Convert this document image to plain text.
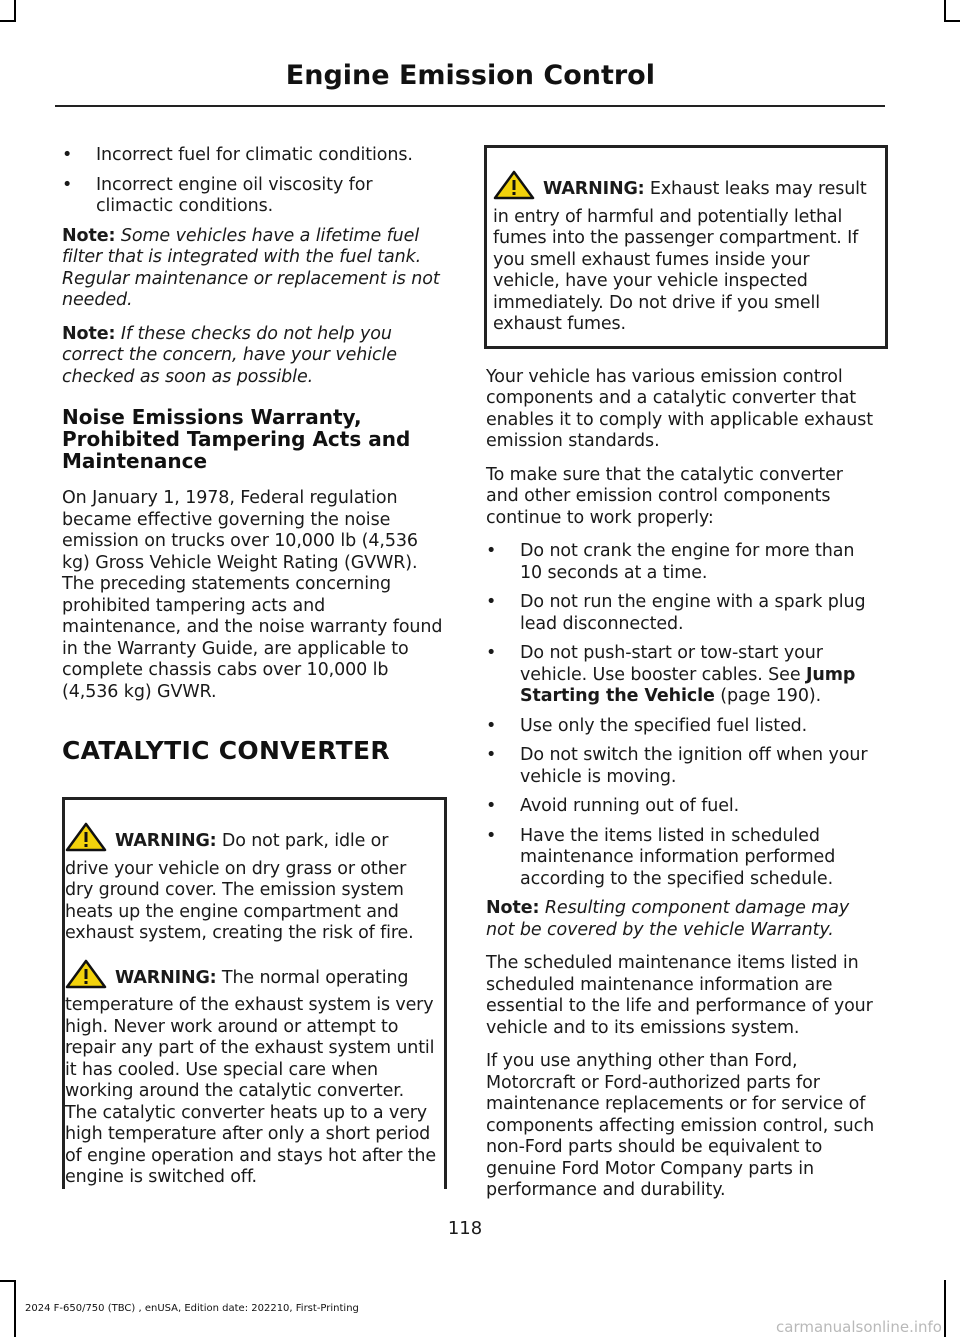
Engine Emission Control
• Incorrect fuel for climatic conditions.
• Incorrect engine oil viscosity for climactic conditions.

Note: Some vehicles have a lifetime fuel filter that is integrated with the fuel tank. Regular maintenance or replacement is not needed.

Note: If these checks do not help you correct the concern, have your vehicle checked as soon as possible.

Noise Emissions Warranty, Prohibited Tampering Acts and Maintenance

On January 1, 1978, Federal regulation became effective governing the noise emission on trucks over 10,000 lb (4,536 kg) Gross Vehicle Weight Rating (GVWR). The preceding statements concerning prohibited tampering acts and maintenance, and the noise warranty found in the Warranty Guide, are applicable to complete chassis cabs over 10,000 lb (4,536 kg) GVWR.

CATALYTIC CONVERTER

WARNING: Do not park, idle or drive your vehicle on dry grass or other dry ground cover. The emission system heats up the engine compartment and exhaust system, creating the risk of fire.

WARNING: The normal operating temperature of the exhaust system is very high. Never work around or attempt to repair any part of the exhaust system until it has cooled. Use special care when working around the catalytic converter. The catalytic converter heats up to a very high temperature after only a short period of engine operation and stays hot after the engine is switched off.

WARNING: Exhaust leaks may result in entry of harmful and potentially lethal fumes into the passenger compartment. If you smell exhaust fumes inside your vehicle, have your vehicle inspected immediately. Do not drive if you smell exhaust fumes.

Your vehicle has various emission control components and a catalytic converter that enables it to comply with applicable exhaust emission standards.

To make sure that the catalytic converter and other emission control components continue to work properly:

• Do not crank the engine for more than 10 seconds at a time.
• Do not run the engine with a spark plug lead disconnected.
• Do not push-start or tow-start your vehicle. Use booster cables. See Jump Starting the Vehicle (page 190).
• Use only the specified fuel listed.
• Do not switch the ignition off when your vehicle is moving.
• Avoid running out of fuel.
• Have the items listed in scheduled maintenance information performed according to the specified schedule.

Note: Resulting component damage may not be covered by the vehicle Warranty.

The scheduled maintenance items listed in scheduled maintenance information are essential to the life and performance of your vehicle and to its emissions system.

If you use anything other than Ford, Motorcraft or Ford-authorized parts for maintenance replacements or for service of components affecting emission control, such non-Ford parts should be equivalent to genuine Ford Motor Company parts in performance and durability.

118
2024 F-650/750 (TBC) , enUSA, Edition date: 202210, First-Printing
carmanualsonline.info
